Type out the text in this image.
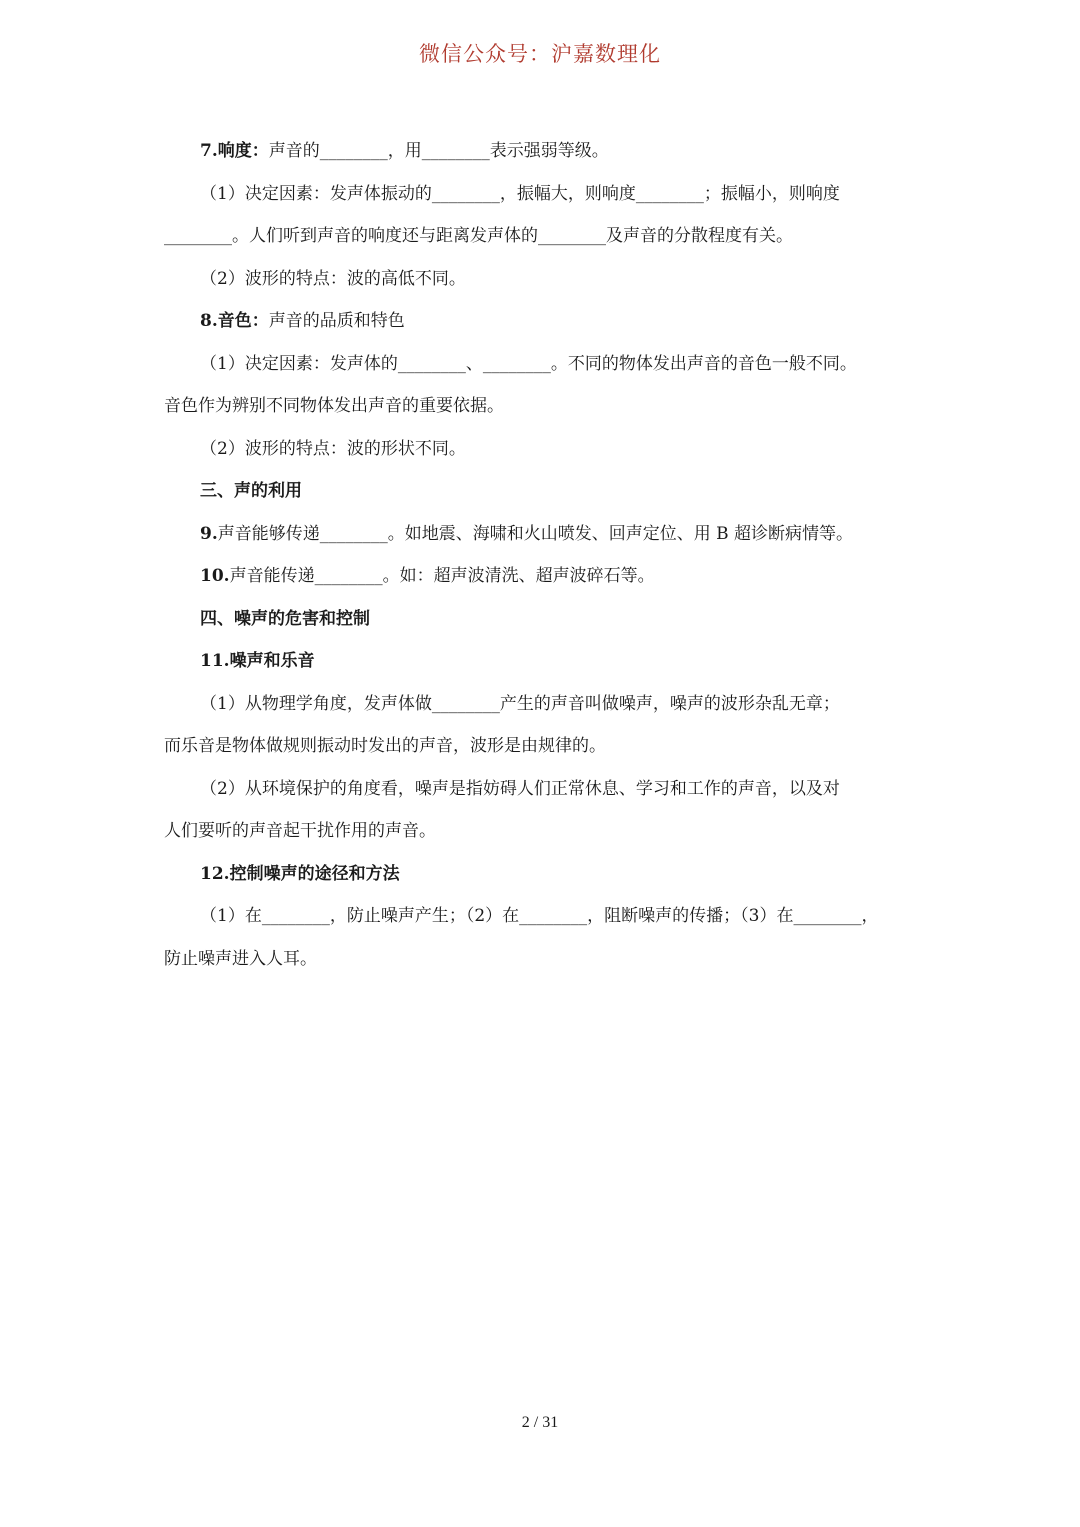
微信公众号：沪嘉数理化
7.响度：声音的________，用________表示强弱等级。
（1）决定因素：发声体振动的________，振幅大，则响度________；振幅小，则响度
________。人们听到声音的响度还与距离发声体的________及声音的分散程度有关。
（2）波形的特点：波的高低不同。
8.音色：声音的品质和特色
（1）决定因素：发声体的________、________。不同的物体发出声音的音色一般不同。
音色作为辨别不同物体发出声音的重要依据。
（2）波形的特点：波的形状不同。
三、声的利用
9.声音能够传递________。如地震、海啸和火山喷发、回声定位、用 B 超诊断病情等。
10.声音能传递________。如：超声波清洗、超声波碎石等。
四、噪声的危害和控制
11.噪声和乐音
（1）从物理学角度，发声体做________产生的声音叫做噪声，噪声的波形杂乱无章；
而乐音是物体做规则振动时发出的声音，波形是由规律的。
（2）从环境保护的角度看，噪声是指妨碍人们正常休息、学习和工作的声音，以及对
人们要听的声音起干扰作用的声音。
12.控制噪声的途径和方法
（1）在________，防止噪声产生；（2）在________，阻断噪声的传播；（3）在________，
防止噪声进入人耳。
2 / 31
